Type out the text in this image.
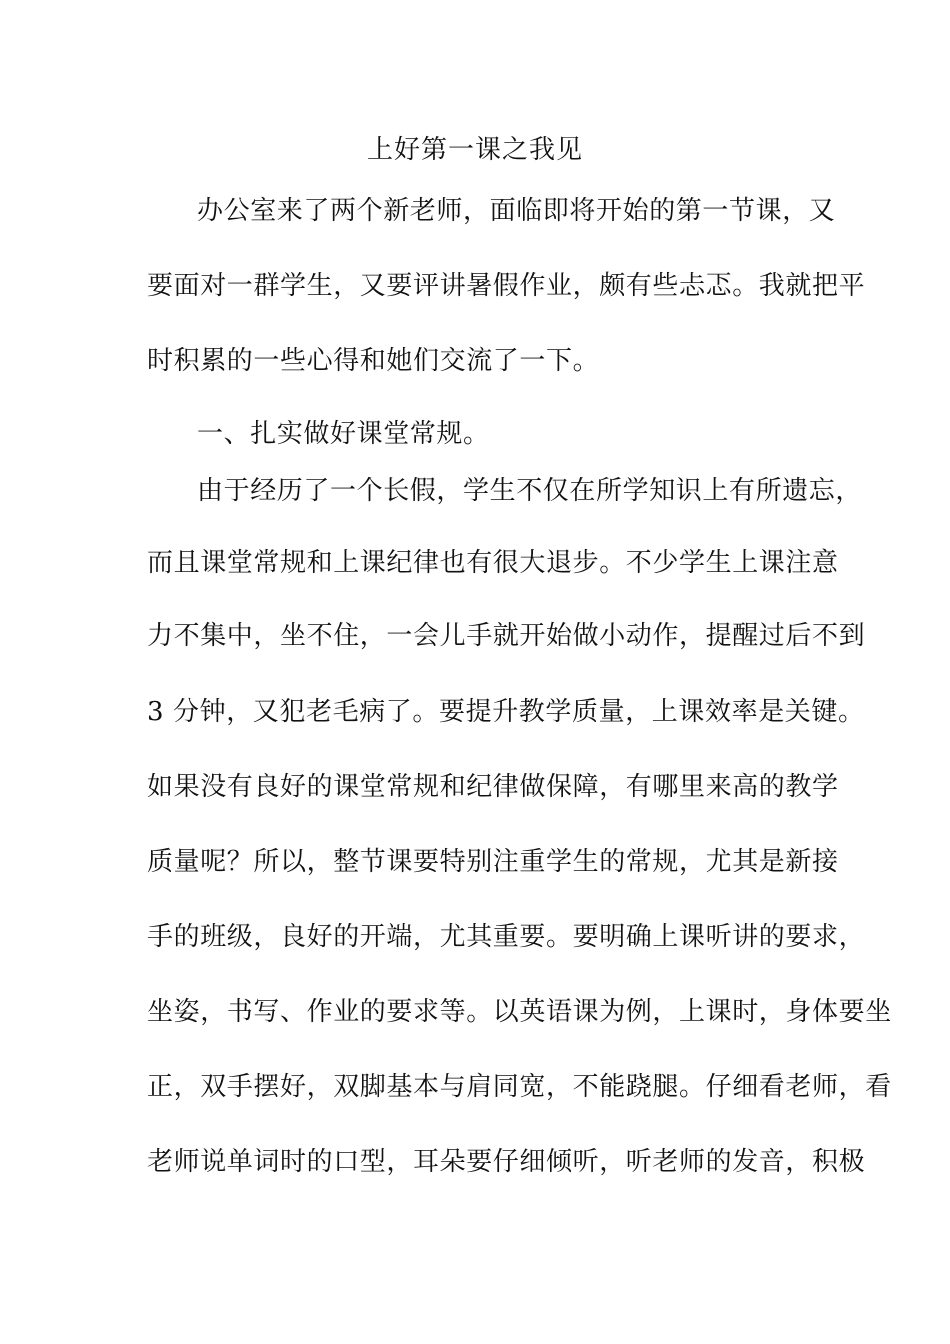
上好第一课之我见
办公室来了两个新老师，面临即将开始的第一节课，又
要面对一群学生，又要评讲暑假作业，颇有些忐忑。我就把平
时积累的一些心得和她们交流了一下。
一、扎实做好课堂常规。
由于经历了一个长假，学生不仅在所学知识上有所遗忘，
而且课堂常规和上课纪律也有很大退步。不少学生上课注意
力不集中，坐不住，一会儿手就开始做小动作，提醒过后不到
3 分钟，又犯老毛病了。要提升教学质量，上课效率是关键。
如果没有良好的课堂常规和纪律做保障，有哪里来高的教学
质量呢？所以，整节课要特别注重学生的常规，尤其是新接
手的班级，良好的开端，尤其重要。要明确上课听讲的要求，
坐姿，书写、作业的要求等。以英语课为例，上课时，身体要坐
正，双手摆好，双脚基本与肩同宽，不能跷腿。仔细看老师，看
老师说单词时的口型，耳朵要仔细倾听，听老师的发音，积极
